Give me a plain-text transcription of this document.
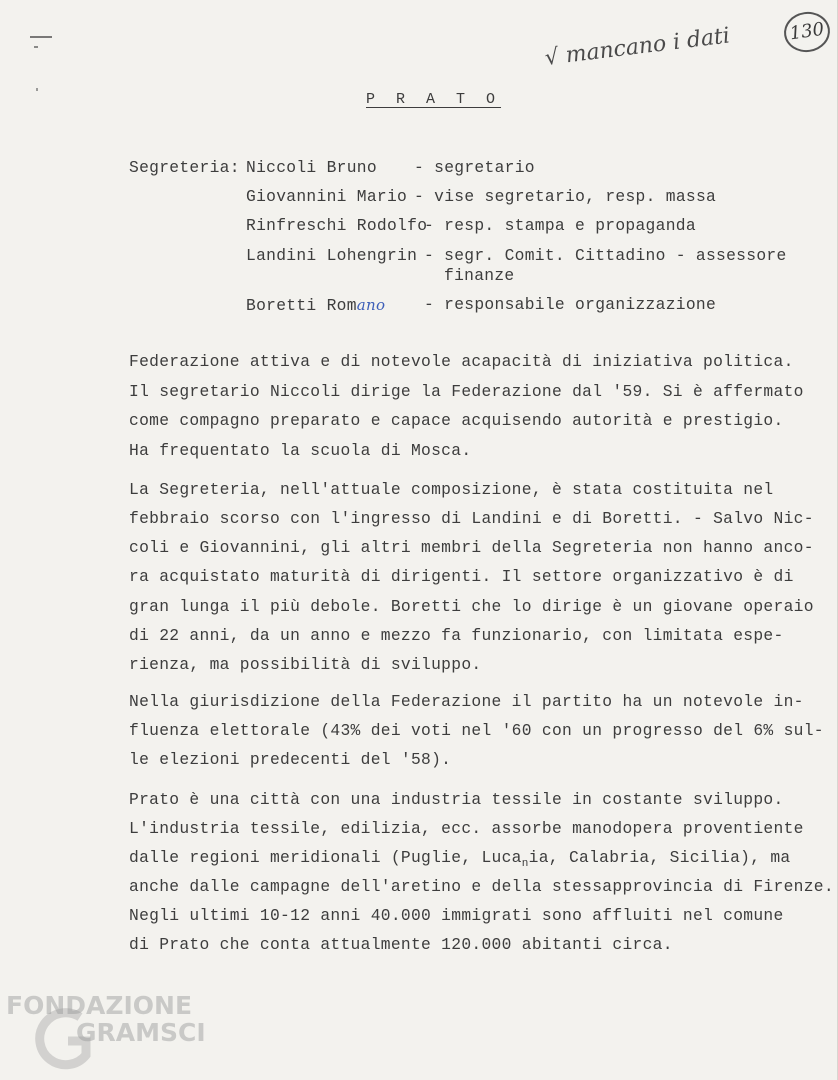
√ mancano i dati	130
P R A T O
Segreteria: Niccoli Bruno - segretario
Giovannini Mario - vise segretario, resp. massa
Rinfreschi Rodolfo
- resp. stampa e propaganda
Landini Lohengrin - segr. Comit. Cittadino - assessore
finanze
Boretti Romano - responsabile organizzazione
Federazione attiva e di notevole acapacità di iniziativa politica.
Il segretario Niccoli dirige la Federazione dal '59. Si è affermato
come compagno preparato e capace acquisendo autorità e prestigio.
Ha frequentato la scuola di Mosca.
La Segreteria, nell'attuale composizione, è stata costituita nel
febbraio scorso con l'ingresso di Landini e di Boretti. - Salvo Nic-
coli e Giovannini, gli altri membri della Segreteria non hanno anco-
ra acquistato maturità di dirigenti. Il settore organizzativo è di
gran lunga il più debole. Boretti che lo dirige è un giovane operaio
di 22 anni, da un anno e mezzo fa funzionario, con limitata espe-
rienza, ma possibilità di sviluppo.
Nella giurisdizione della Federazione il partito ha un notevole in-
fluenza elettorale (43% dei voti nel '60 con un progresso del 6% sul-
le elezioni predecenti del '58).
Prato è una città con una industria tessile in costante sviluppo.
L'industria tessile, edilizia, ecc. assorbe manodopera proventiente
dalle regioni meridionali (Puglie, Luca$_n$ia, Calabria, Sicilia), ma
anche dalle campagne dell'aretino e della stessapprovincia di Firenze.
Negli ultimi 10-12 anni 40.000 immigrati sono affluiti nel comune
di Prato che conta attualmente 120.000 abitanti circa.
FONDAZIONE
GRAMSCI
